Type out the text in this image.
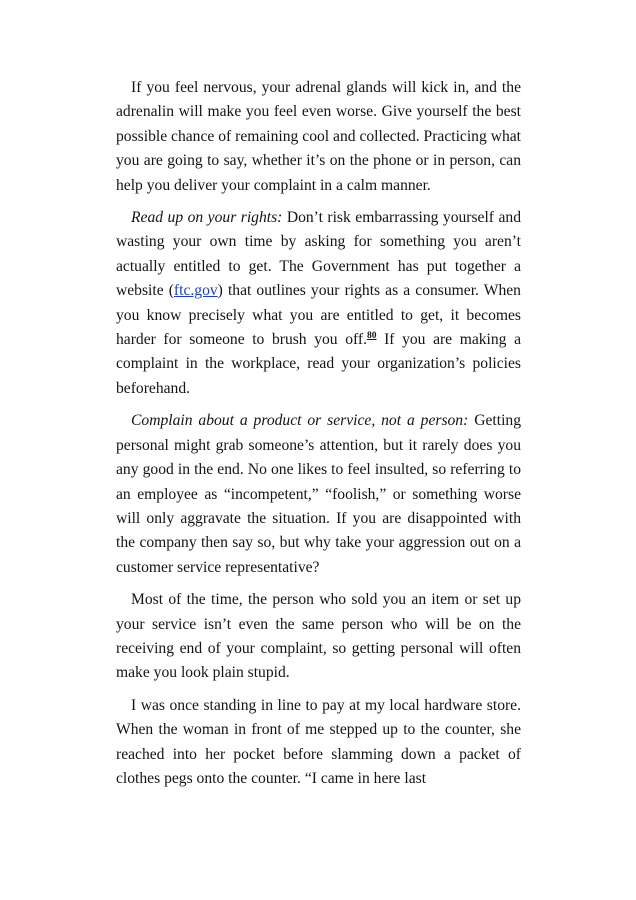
If you feel nervous, your adrenal glands will kick in, and the adrenalin will make you feel even worse. Give yourself the best possible chance of remaining cool and collected. Practicing what you are going to say, whether it’s on the phone or in person, can help you deliver your complaint in a calm manner.

Read up on your rights: Don’t risk embarrassing yourself and wasting your own time by asking for something you aren’t actually entitled to get. The Government has put together a website (ftc.gov) that outlines your rights as a consumer. When you know precisely what you are entitled to get, it becomes harder for someone to brush you off.$^{80}$ If you are making a complaint in the workplace, read your organization’s policies beforehand.

Complain about a product or service, not a person: Getting personal might grab someone’s attention, but it rarely does you any good in the end. No one likes to feel insulted, so referring to an employee as “incompetent,” “foolish,” or something worse will only aggravate the situation. If you are disappointed with the company then say so, but why take your aggression out on a customer service representative?

Most of the time, the person who sold you an item or set up your service isn’t even the same person who will be on the receiving end of your complaint, so getting personal will often make you look plain stupid.

I was once standing in line to pay at my local hardware store. When the woman in front of me stepped up to the counter, she reached into her pocket before slamming down a packet of clothes pegs onto the counter. “I came in here last
